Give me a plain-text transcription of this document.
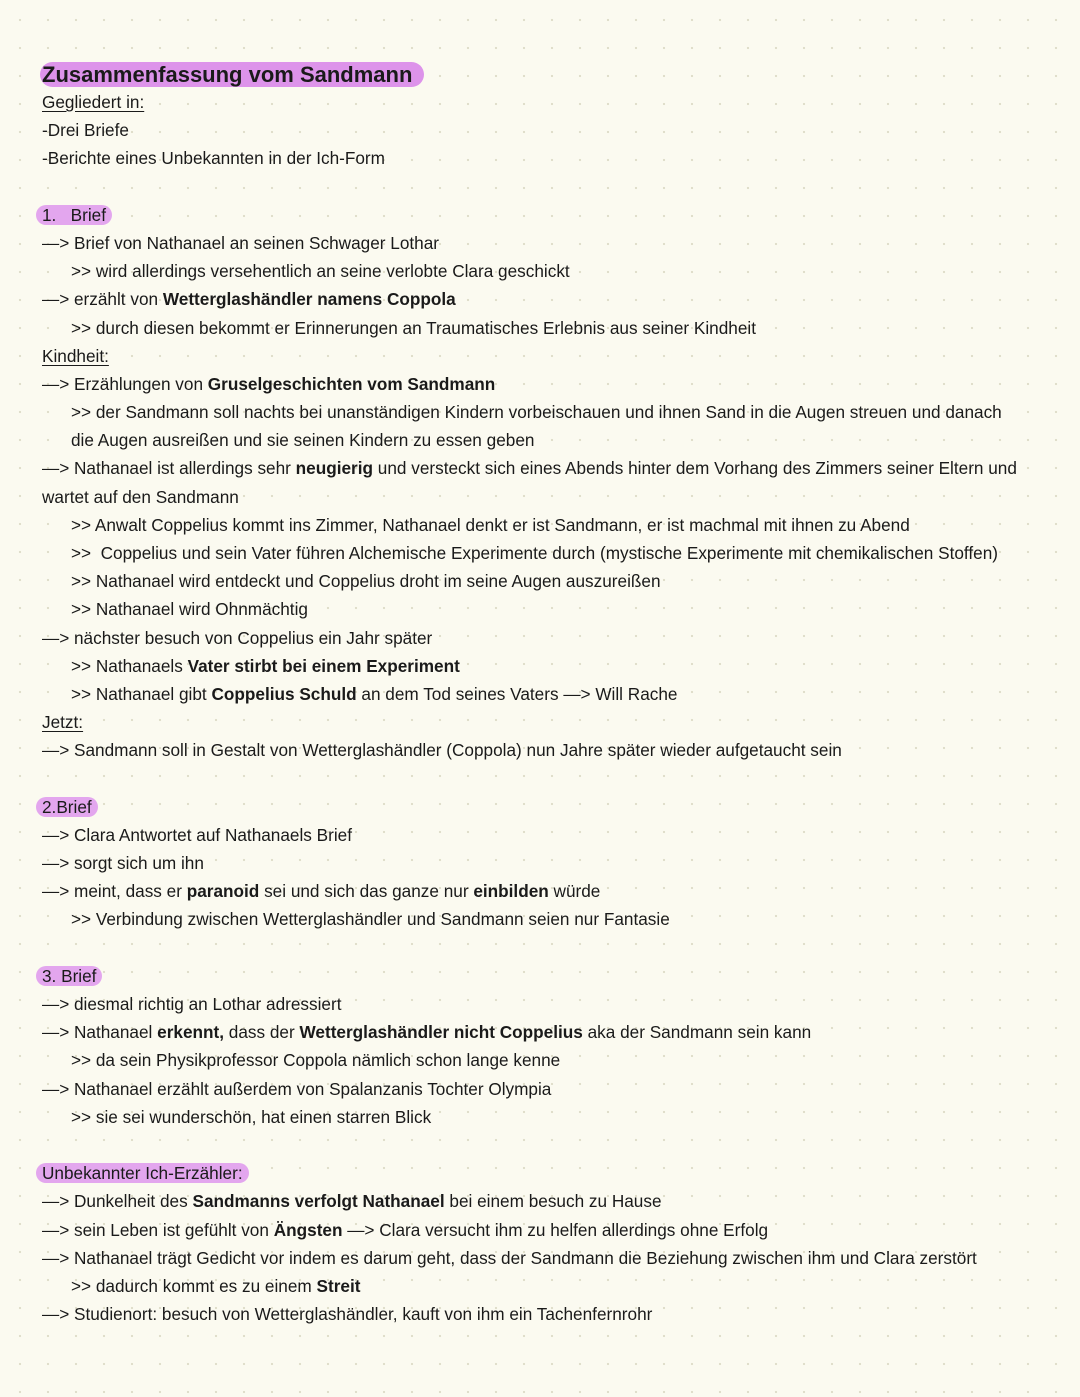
Zusammenfassung vom Sandmann
Gegliedert in:
-Drei Briefe
-Berichte eines Unbekannten in der Ich-Form
1.   Brief
—> Brief von Nathanael an seinen Schwager Lothar
>> wird allerdings versehentlich an seine verlobte Clara geschickt
—> erzählt von Wetterglashändler namens Coppola
>> durch diesen bekommt er Erinnerungen an Traumatisches Erlebnis aus seiner Kindheit
Kindheit:
—> Erzählungen von Gruselgeschichten vom Sandmann
>> der Sandmann soll nachts bei unanständigen Kindern vorbeischauen und ihnen Sand in die Augen streuen und danach
die Augen ausreißen und sie seinen Kindern zu essen geben
—> Nathanael ist allerdings sehr neugierig und versteckt sich eines Abends hinter dem Vorhang des Zimmers seiner Eltern und
wartet auf den Sandmann
>> Anwalt Coppelius kommt ins Zimmer, Nathanael denkt er ist Sandmann, er ist machmal mit ihnen zu Abend
>>  Coppelius und sein Vater führen Alchemische Experimente durch (mystische Experimente mit chemikalischen Stoffen)
>> Nathanael wird entdeckt und Coppelius droht im seine Augen auszureißen
>> Nathanael wird Ohnmächtig
—> nächster besuch von Coppelius ein Jahr später
>> Nathanaels Vater stirbt bei einem Experiment
>> Nathanael gibt Coppelius Schuld an dem Tod seines Vaters —> Will Rache
Jetzt:
—> Sandmann soll in Gestalt von Wetterglashändler (Coppola) nun Jahre später wieder aufgetaucht sein
2.Brief
—> Clara Antwortet auf Nathanaels Brief
—> sorgt sich um ihn
—> meint, dass er paranoid sei und sich das ganze nur einbilden würde
>> Verbindung zwischen Wetterglashändler und Sandmann seien nur Fantasie
3. Brief
—> diesmal richtig an Lothar adressiert
—> Nathanael erkennt, dass der Wetterglashändler nicht Coppelius aka der Sandmann sein kann
>> da sein Physikprofessor Coppola nämlich schon lange kenne
—> Nathanael erzählt außerdem von Spalanzanis Tochter Olympia
>> sie sei wunderschön, hat einen starren Blick
Unbekannter Ich-Erzähler:
—> Dunkelheit des Sandmanns verfolgt Nathanael bei einem besuch zu Hause
—> sein Leben ist gefühlt von Ängsten —> Clara versucht ihm zu helfen allerdings ohne Erfolg
—> Nathanael trägt Gedicht vor indem es darum geht, dass der Sandmann die Beziehung zwischen ihm und Clara zerstört
>> dadurch kommt es zu einem Streit
—> Studienort: besuch von Wetterglashändler, kauft von ihm ein Tachenfernrohr
